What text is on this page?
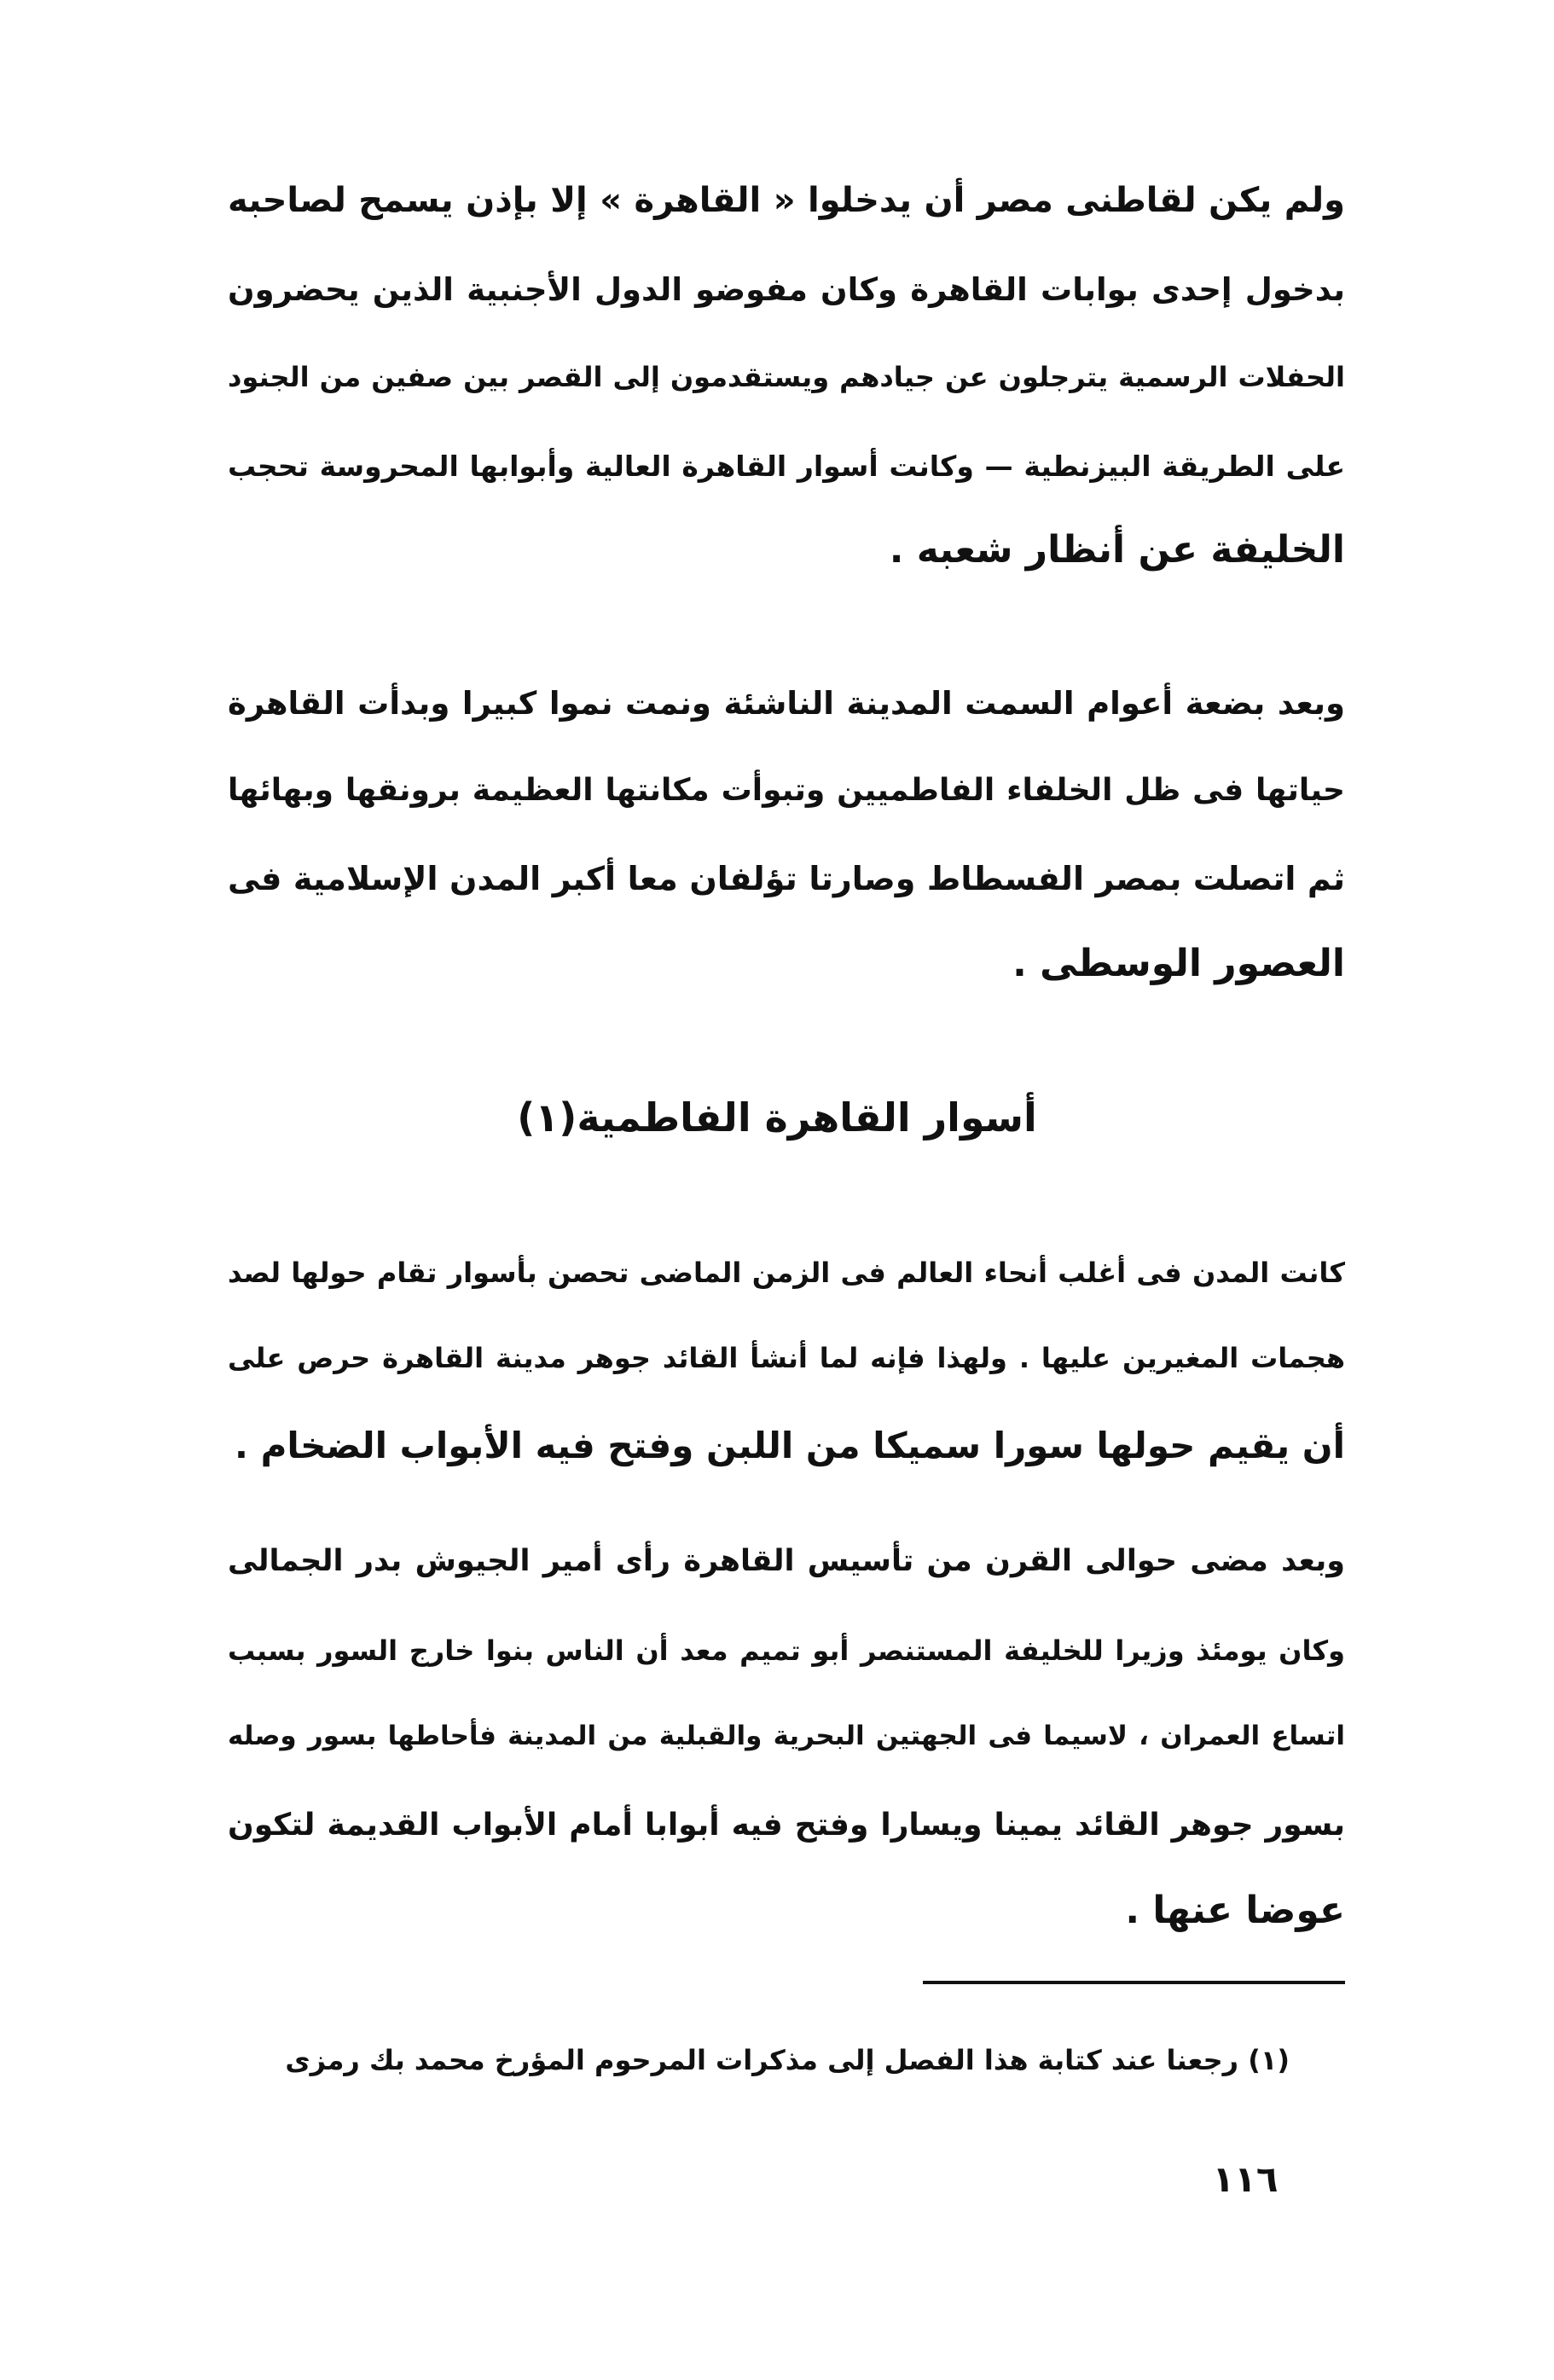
ولم يكن لقاطنى مصر أن يدخلوا « القاهرة » إلا بإذن يسمح لصاحبه
بدخول إحدى بوابات القاهرة وكان مفوضو الدول الأجنبية الذين يحضرون
الحفلات الرسمية يترجلون عن جيادهم ويستقدمون إلى القصر بين صفين من الجنود
على الطريقة البيزنطية — وكانت أسوار القاهرة العالية وأبوابها المحروسة تحجب
الخليفة عن أنظار شعبه .
وبعد بضعة أعوام السمت المدينة الناشئة ونمت نموا كبيرا وبدأت القاهرة
حياتها فى ظل الخلفاء الفاطميين وتبوأت مكانتها العظيمة برونقها وبهائها
ثم اتصلت بمصر الفسطاط وصارتا تؤلفان معا أكبر المدن الإسلامية فى
العصور الوسطى .
أسوار القاهرة الفاطمية(١)
كانت المدن فى أغلب أنحاء العالم فى الزمن الماضى تحصن بأسوار تقام حولها لصد
هجمات المغيرين عليها . ولهذا فإنه لما أنشأ القائد جوهر مدينة القاهرة حرص على
أن يقيم حولها سورا سميكا من اللبن وفتح فيه الأبواب الضخام .
وبعد مضى حوالى القرن من تأسيس القاهرة رأى أمير الجيوش بدر الجمالى
وكان يومئذ وزيرا للخليفة المستنصر أبو تميم معد أن الناس بنوا خارج السور بسبب
اتساع العمران ، لاسيما فى الجهتين البحرية والقبلية من المدينة فأحاطها بسور وصله
بسور جوهر القائد يمينا ويسارا وفتح فيه أبوابا أمام الأبواب القديمة لتكون
عوضا عنها .
(١) رجعنا عند كتابة هذا الفصل إلى مذكرات المرحوم المؤرخ محمد بك رمزى
١١٦
